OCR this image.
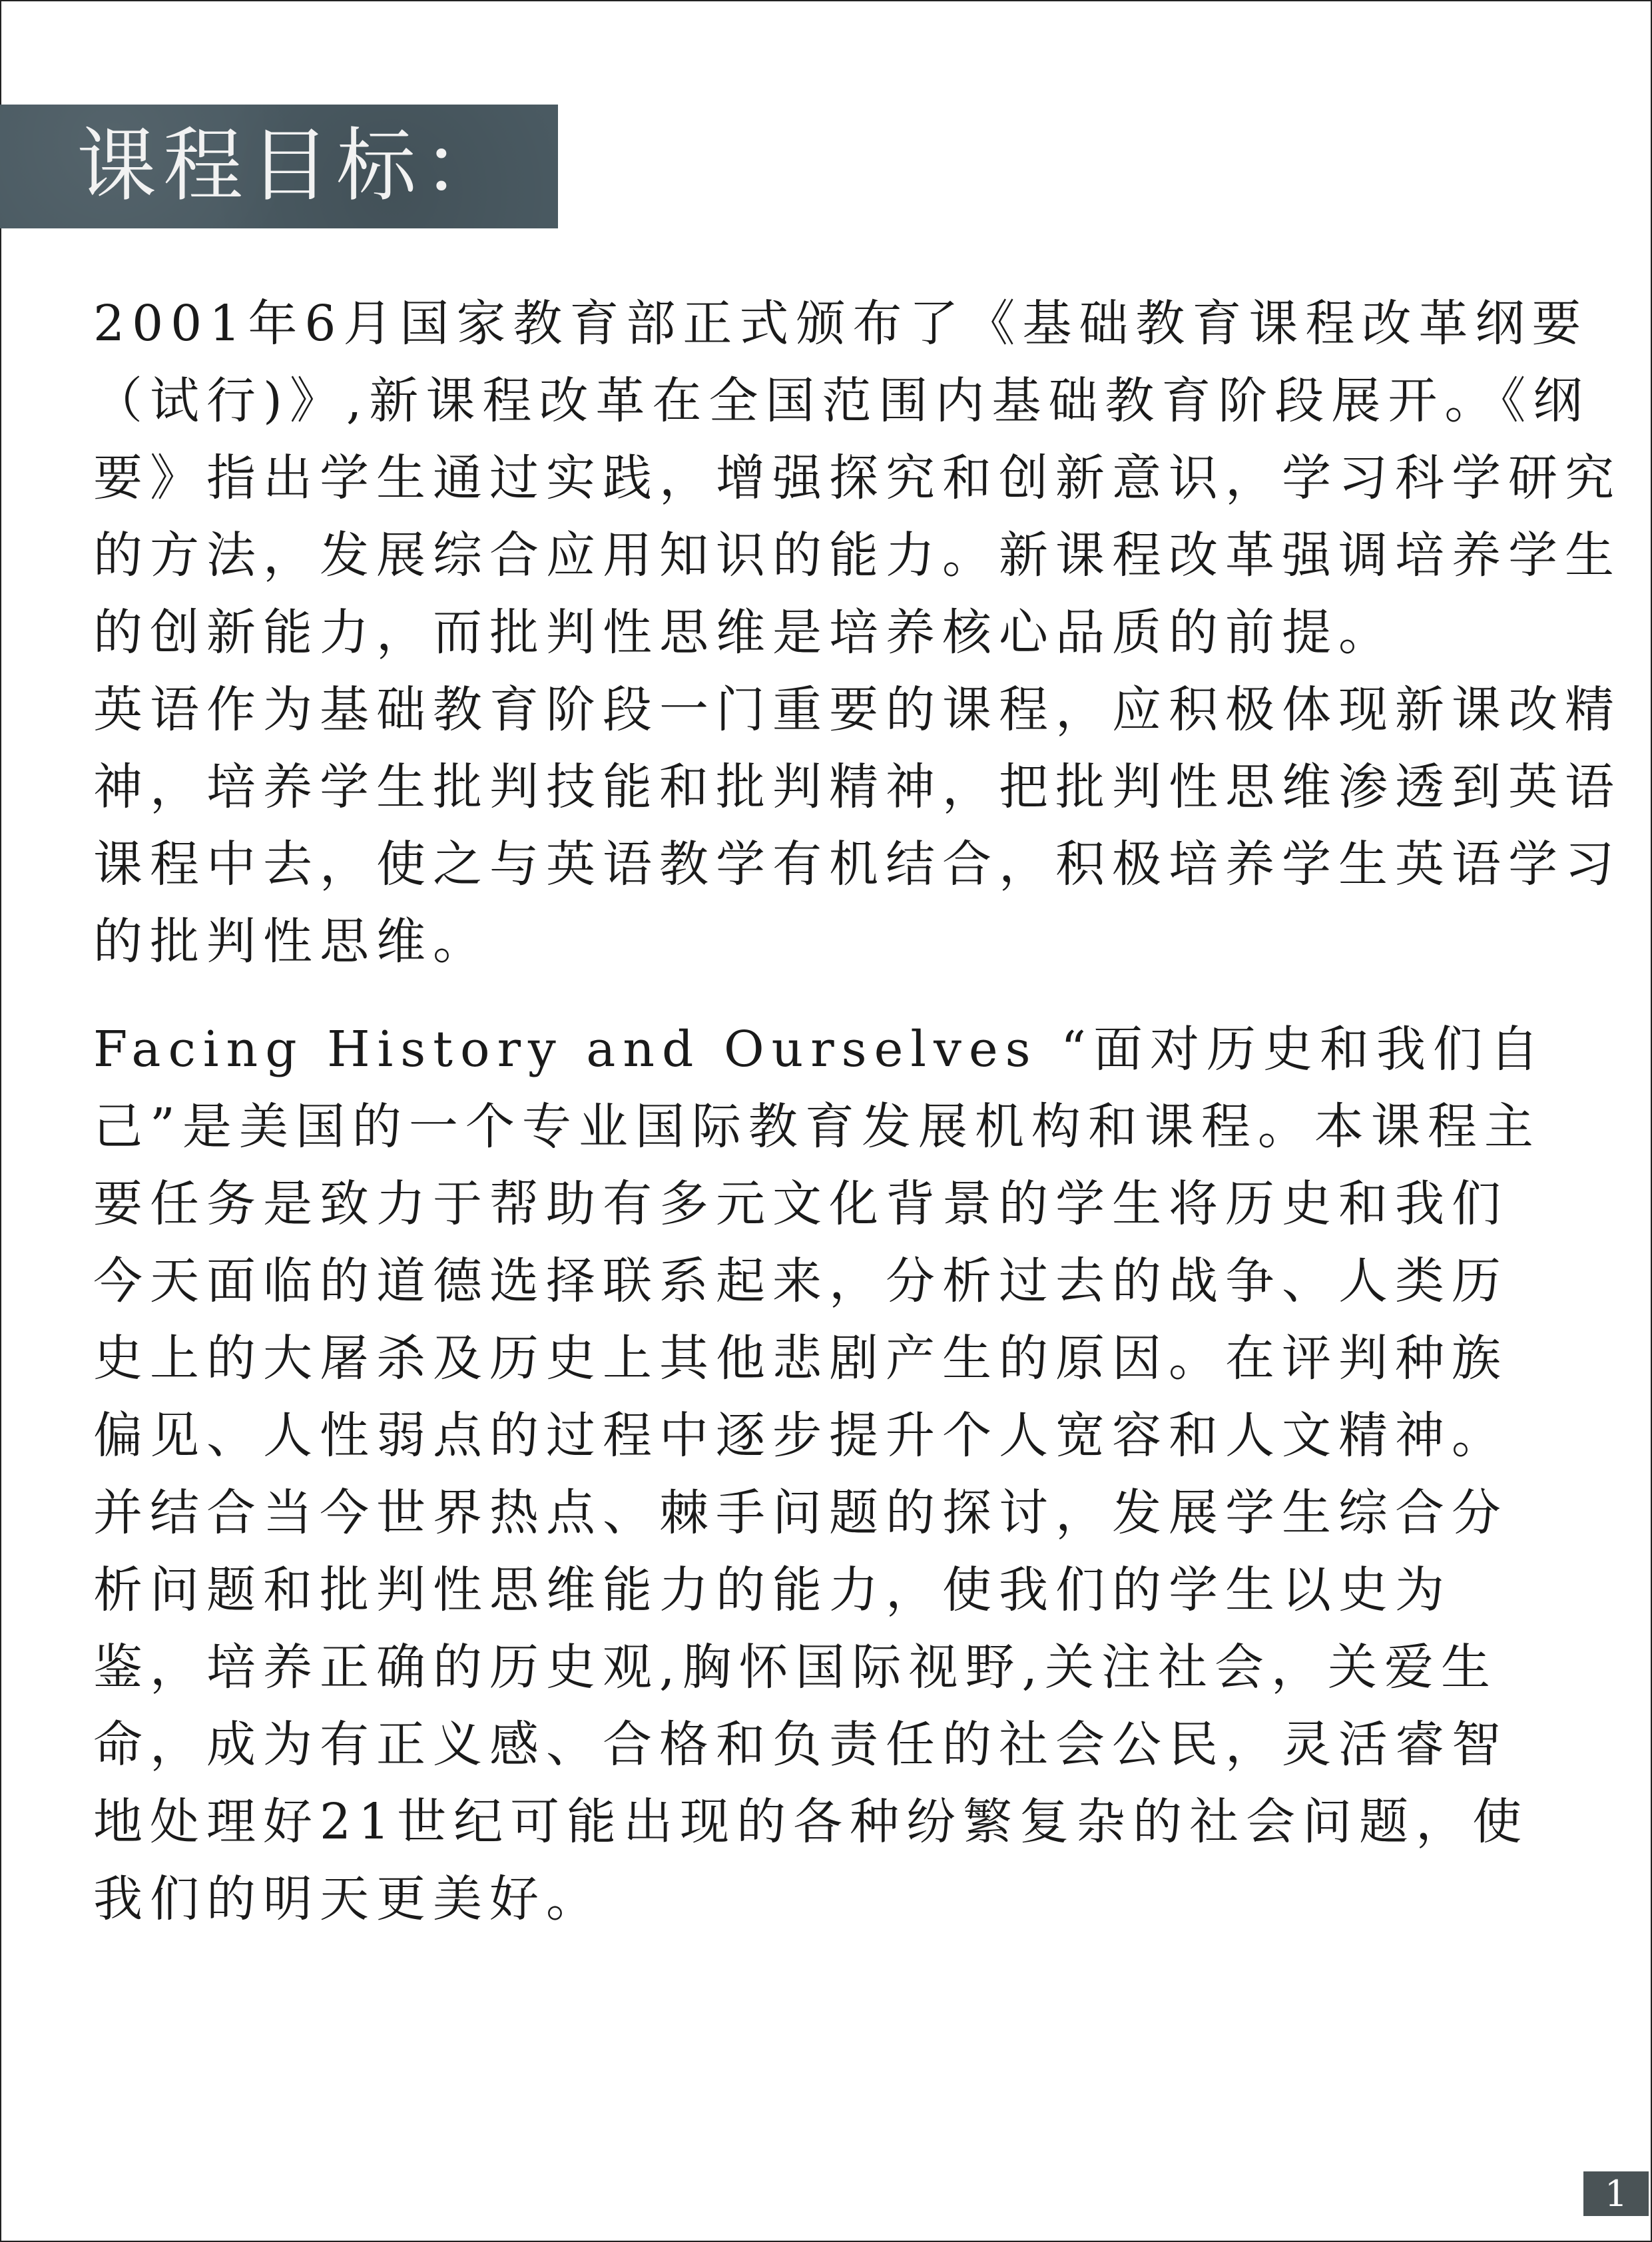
课程目标：

2001年6月国家教育部正式颁布了《基础教育课程改革纲要（试行)》,新课程改革在全国范围内基础教育阶段展开。《纲要》指出学生通过实践，增强探究和创新意识，学习科学研究的方法，发展综合应用知识的能力。新课程改革强调培养学生的创新能力，而批判性思维是培养核心品质的前提。

英语作为基础教育阶段一门重要的课程，应积极体现新课改精神，培养学生批判技能和批判精神，把批判性思维渗透到英语课程中去，使之与英语教学有机结合，积极培养学生英语学习的批判性思维。

Facing History and Ourselves “面对历史和我们自己”是美国的一个专业国际教育发展机构和课程。本课程主要任务是致力于帮助有多元文化背景的学生将历史和我们今天面临的道德选择联系起来，分析过去的战争、人类历史上的大屠杀及历史上其他悲剧产生的原因。在评判种族偏见、人性弱点的过程中逐步提升个人宽容和人文精神。并结合当今世界热点、棘手问题的探讨，发展学生综合分析问题和批判性思维能力的能力，使我们的学生以史为鉴，培养正确的历史观,胸怀国际视野,关注社会，关爱生命，成为有正义感、合格和负责任的社会公民，灵活睿智地处理好21世纪可能出现的各种纷繁复杂的社会问题，使我们的明天更美好。

1
